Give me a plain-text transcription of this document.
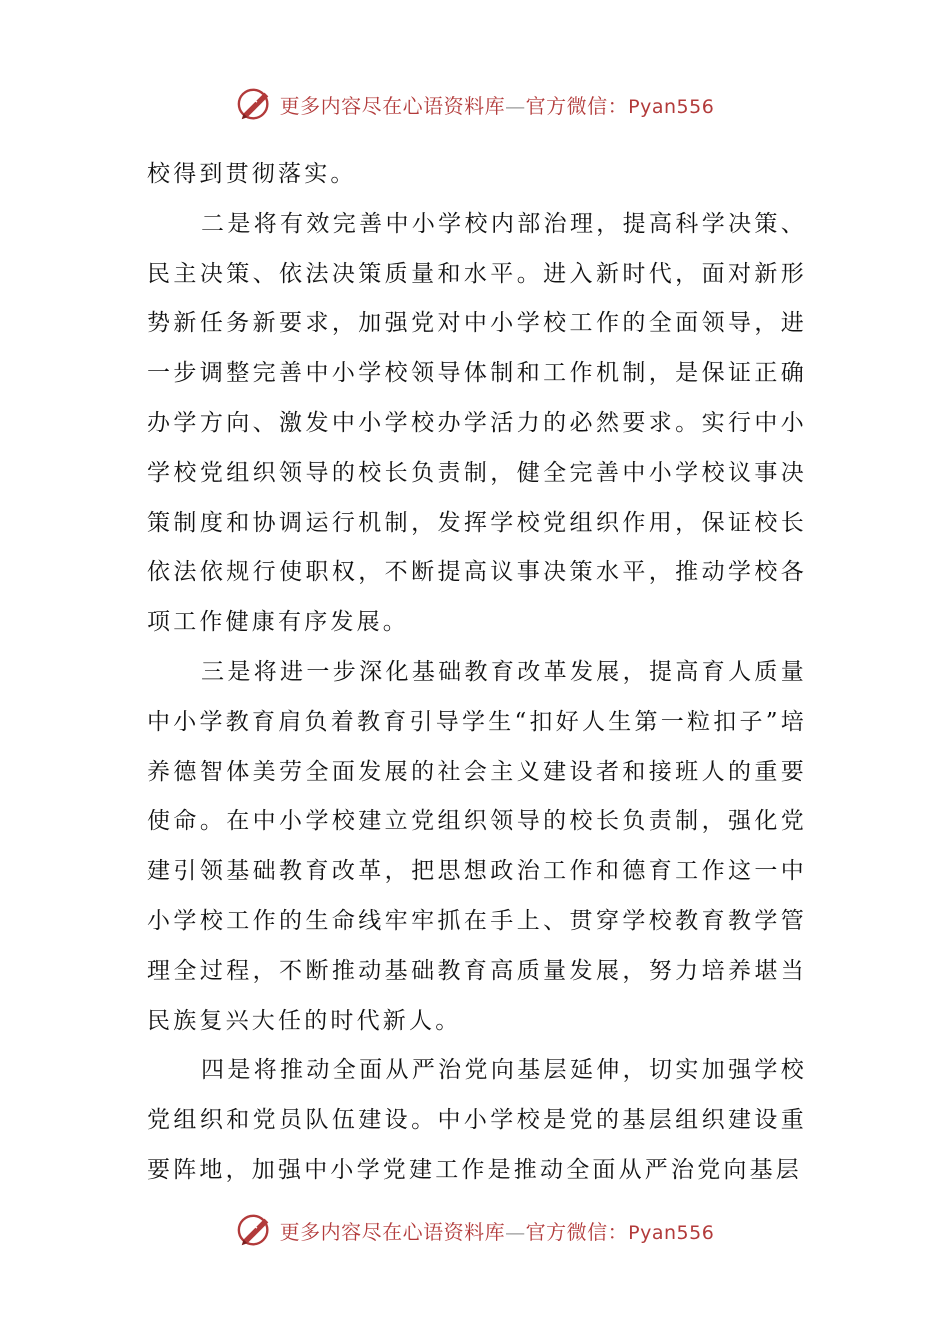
更多内容尽在心语资料库—官方微信：Pyan556

校得到贯彻落实。

二是将有效完善中小学校内部治理，提高科学决策、民主决策、依法决策质量和水平。进入新时代，面对新形势新任务新要求，加强党对中小学校工作的全面领导，进一步调整完善中小学校领导体制和工作机制，是保证正确办学方向、激发中小学校办学活力的必然要求。实行中小学校党组织领导的校长负责制，健全完善中小学校议事决策制度和协调运行机制，发挥学校党组织作用，保证校长依法依规行使职权，不断提高议事决策水平，推动学校各项工作健康有序发展。

三是将进一步深化基础教育改革发展，提高育人质量中小学教育肩负着教育引导学生“扣好人生第一粒扣子”培养德智体美劳全面发展的社会主义建设者和接班人的重要使命。在中小学校建立党组织领导的校长负责制，强化党建引领基础教育改革，把思想政治工作和德育工作这一中小学校工作的生命线牢牢抓在手上、贯穿学校教育教学管理全过程，不断推动基础教育高质量发展，努力培养堪当民族复兴大任的时代新人。

四是将推动全面从严治党向基层延伸，切实加强学校党组织和党员队伍建设。中小学校是党的基层组织建设重要阵地，加强中小学党建工作是推动全面从严治党向基层

更多内容尽在心语资料库—官方微信：Pyan556
